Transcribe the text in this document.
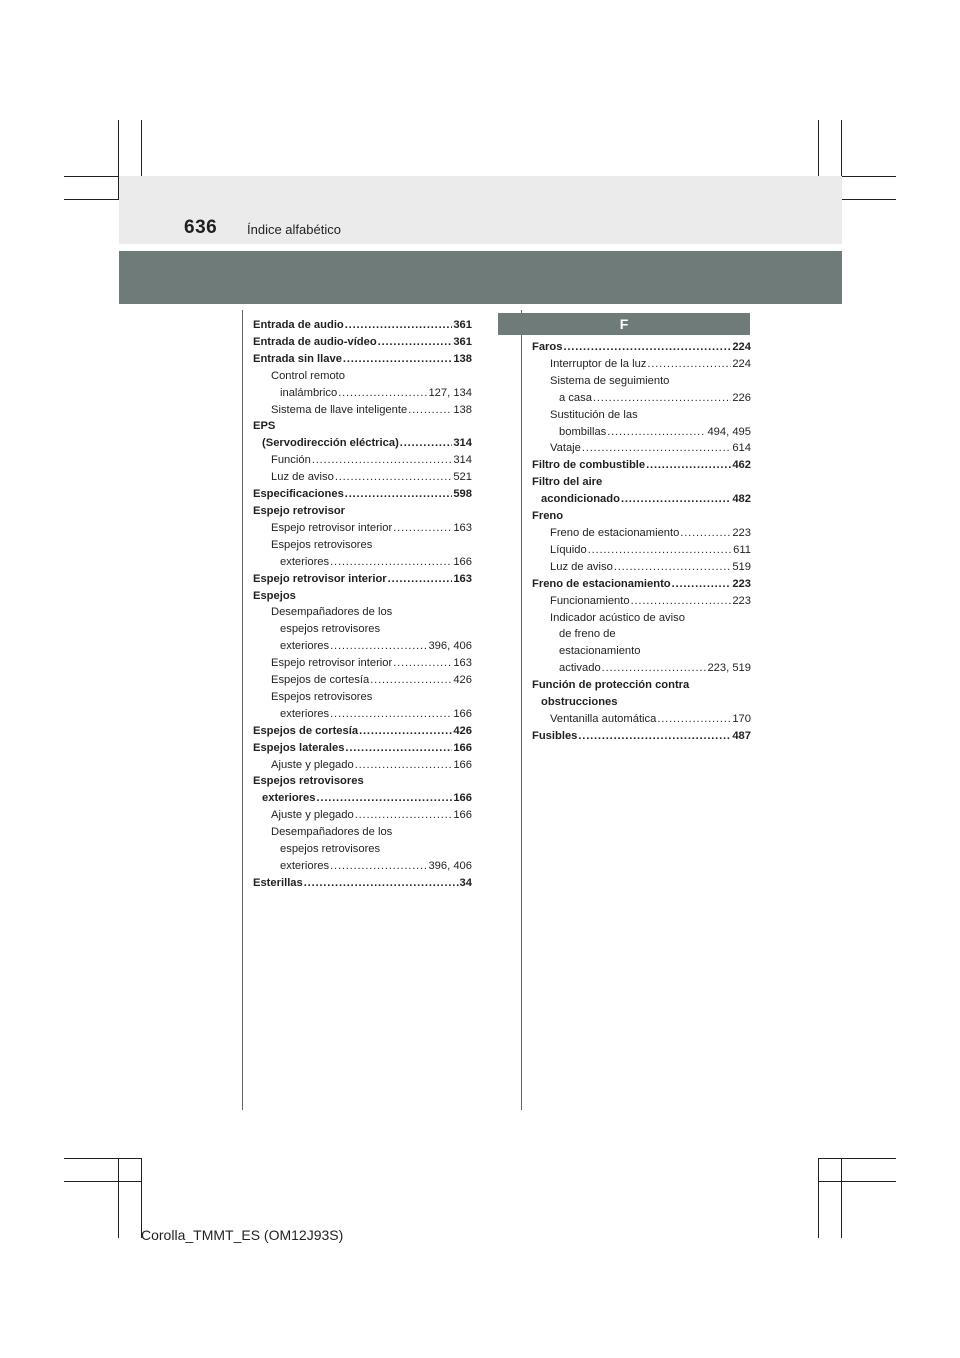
636 Índice alfabético
F
Entrada de audio .....	361
Entrada de audio-vídeo .....	361
Entrada sin llave .....	138
Control remoto
inalámbrico .....	127, 134
Sistema de llave inteligente .....	138
EPS
(Servodirección eléctrica) .....	314
Función .....	314
Luz de aviso .....	521
Especificaciones .....	598
Espejo retrovisor
Espejo retrovisor interior .....	163
Espejos retrovisores
exteriores .....	166
Espejo retrovisor interior .....	163
Espejos
Desempañadores de los
espejos retrovisores
exteriores .....	396, 406
Espejo retrovisor interior .....	163
Espejos de cortesía .....	426
Espejos retrovisores
exteriores .....	166
Espejos de cortesía .....	426
Espejos laterales .....	166
Ajuste y plegado .....	166
Espejos retrovisores
exteriores .....	166
Ajuste y plegado .....	166
Desempañadores de los
espejos retrovisores
exteriores .....	396, 406
Esterillas .....	34
Faros .....	224
Interruptor de la luz .....	224
Sistema de seguimiento
a casa .....	226
Sustitución de las
bombillas .....	494, 495
Vataje .....	614
Filtro de combustible .....	462
Filtro del aire
acondicionado .....	482
Freno
Freno de estacionamiento .....	223
Líquido .....	611
Luz de aviso .....	519
Freno de estacionamiento .....	223
Funcionamiento .....	223
Indicador acústico de aviso
de freno de
estacionamiento
activado .....	223, 519
Función de protección contra
obstrucciones
Ventanilla automática .....	170
Fusibles .....	487
Corolla_TMMT_ES (OM12J93S)
